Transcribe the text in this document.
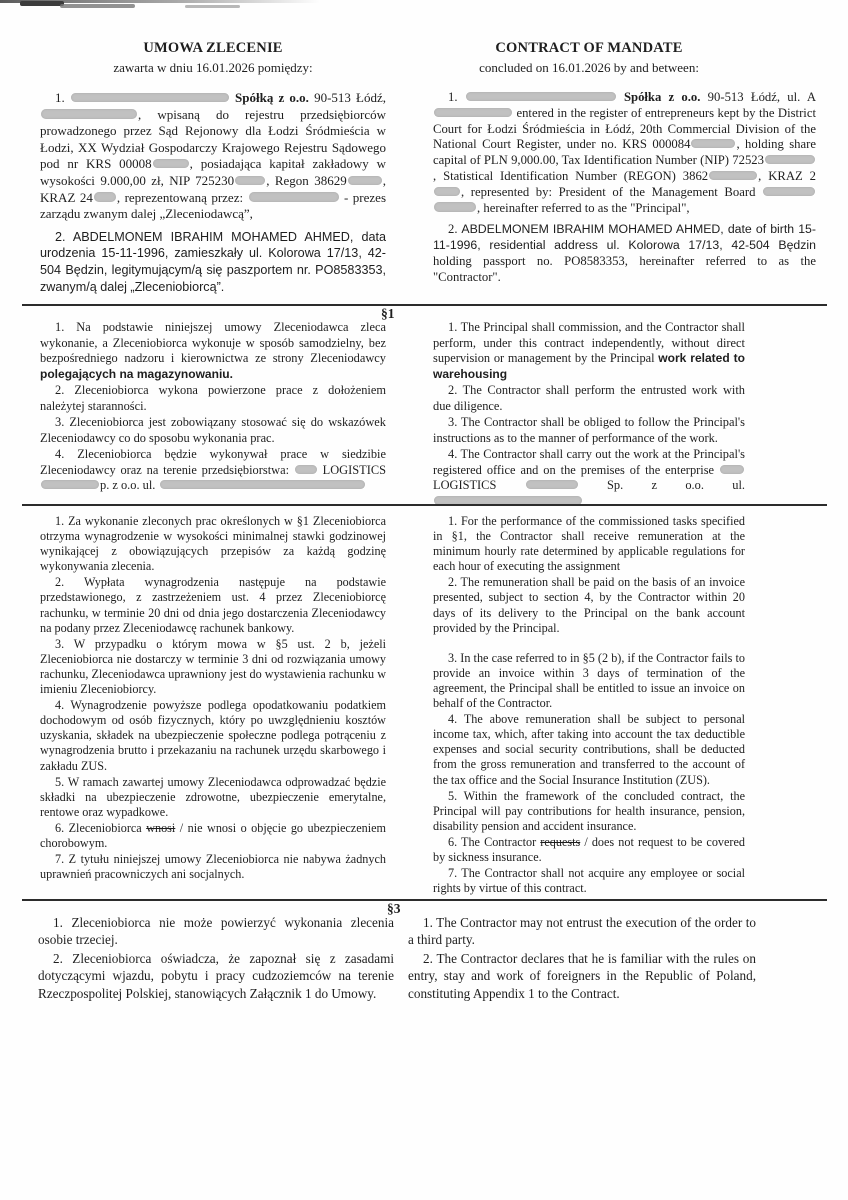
UMOWA ZLECENIE
zawarta w dniu 16.01.2026 pomiędzy:
CONTRACT OF MANDATE
concluded on 16.01.2026 by and between:

1.	Spółką z o.o. 90-513 Łódź, , wpisaną do rejestru przedsiębiorców prowadzonego przez Sąd Rejonowy dla Łodzi Śródmieścia w Łodzi, XX Wydział Gospodarczy Krajowego Rejestru Sądowego pod nr KRS 00008	, posiadająca kapitał zakładowy w wysokości 9.000,00 zł, NIP 725230 , Regon 38629	, KRAZ 24 , reprezentowaną przez:	- prezes zarządu zwanym dalej „Zleceniodawcą”,

2. ABDELMONEM IBRAHIM MOHAMED AHMED, data urodzenia 15-11-1996, zamieszkały ul. Kolorowa 17/13, 42-504 Będzin, legitymującym/ą się paszportem nr. PO8583353, zwanym/ą dalej „Zleceniobiorcą”.

1.	Spółka z o.o. 90-513 Łódź, ul. A entered in the register of entrepreneurs kept by the District Court for Łodzi Śródmieścia in Łódź, 20th Commercial Division of the National Court Register, under no. KRS 000084	, holding share capital of PLN 9,000.00, Tax Identification Number (NIP) 72523, Statistical Identification Number (REGON) 3862	, KRAZ 2, represented by: President of the Management Board  , hereinafter referred to as the "Principal",

2. ABDELMONEM IBRAHIM MOHAMED AHMED, date of birth 15-11-1996, residential address ul. Kolorowa 17/13, 42-504 Będzin holding passport no. PO8583353, hereinafter referred to as the "Contractor".

§1

1. Na podstawie niniejszej umowy Zleceniodawca zleca wykonanie, a Zleceniobiorca wykonuje w sposób samodzielny, bez bezpośredniego nadzoru i kierownictwa ze strony Zleceniodawcy polegających na magazynowaniu.

2. Zleceniobiorca wykona powierzone prace z dołożeniem należytej staranności.

3. Zleceniobiorca jest zobowiązany stosować się do wskazówek Zleceniodawcy co do sposobu wykonania prac.

4. Zleceniobiorca będzie wykonywał prace w siedzibie Zleceniodawcy oraz na terenie przedsiębiorstwa:  LOGISTICS p. z o.o. ul.

1. The Principal shall commission, and the Contractor shall perform, under this contract independently, without direct supervision or management by the Principal work related to warehousing

2. The Contractor shall perform the entrusted work with due diligence.

3. The Contractor shall be obliged to follow the Principal's instructions as to the manner of performance of the work.

4. The Contractor shall carry out the work at the Principal's registered office and on the premises of the enterprise  LOGISTICS	Sp. z o.o. ul.

1. Za wykonanie zleconych prac określonych w §1 Zleceniobiorca otrzyma wynagrodzenie w wysokości minimalnej stawki godzinowej wynikającej z obowiązujących przepisów za każdą godzinę wykonywania zlecenia.

2. Wypłata wynagrodzenia następuje na podstawie przedstawionego, z zastrzeżeniem ust. 4 przez Zleceniobiorcę rachunku, w terminie 20 dni od dnia jego dostarczenia Zleceniodawcy na podany przez Zleceniodawcę rachunek bankowy.

3. W przypadku o którym mowa w §5 ust. 2 b, jeżeli Zleceniobiorca nie dostarczy w terminie 3 dni od rozwiązania umowy rachunku, Zleceniodawca uprawniony jest do wystawienia rachunku w imieniu Zleceniobiorcy.

4. Wynagrodzenie powyższe podlega opodatkowaniu podatkiem dochodowym od osób fizycznych, który po uwzględnieniu kosztów uzyskania, składek na ubezpieczenie społeczne podlega potrąceniu z wynagrodzenia brutto i przekazaniu na rachunek urzędu skarbowego i zakładu ZUS.

5. W ramach zawartej umowy Zleceniodawca odprowadzać będzie składki na ubezpieczenie zdrowotne, ubezpieczenie emerytalne, rentowe oraz wypadkowe.

6. Zleceniobiorca wnosi / nie wnosi o objęcie go ubezpieczeniem chorobowym.

7. Z tytułu niniejszej umowy Zleceniobiorca nie nabywa żadnych uprawnień pracowniczych ani socjalnych.

1. For the performance of the commissioned tasks specified in §1, the Contractor shall receive remuneration at the minimum hourly rate determined by applicable regulations for each hour of executing the assignment

2. The remuneration shall be paid on the basis of an invoice presented, subject to section 4, by the Contractor within 20 days of its delivery to the Principal on the bank account provided by the Principal.

3. In the case referred to in §5 (2 b), if the Contractor fails to provide an invoice within 3 days of termination of the agreement, the Principal shall be entitled to issue an invoice on behalf of the Contractor.

4. The above remuneration shall be subject to personal income tax, which, after taking into account the tax deductible expenses and social security contributions, shall be deducted from the gross remuneration and transferred to the account of the tax office and the Social Insurance Institution (ZUS).

5. Within the framework of the concluded contract, the Principal will pay contributions for health insurance, pension, disability pension and accident insurance.

6. The Contractor requests / does not request to be covered by sickness insurance.

7. The Contractor shall not acquire any employee or social rights by virtue of this contract.

§3

1. Zleceniobiorca nie może powierzyć wykonania zlecenia osobie trzeciej.

2. Zleceniobiorca oświadcza, że zapoznał się z zasadami dotyczącymi wjazdu, pobytu i pracy cudzoziemców na terenie Rzeczpospolitej Polskiej, stanowiących Załącznik 1 do Umowy.

1. The Contractor may not entrust the execution of the order to a third party.

2. The Contractor declares that he is familiar with the rules on entry, stay and work of foreigners in the Republic of Poland, constituting Appendix 1 to the Contract.
